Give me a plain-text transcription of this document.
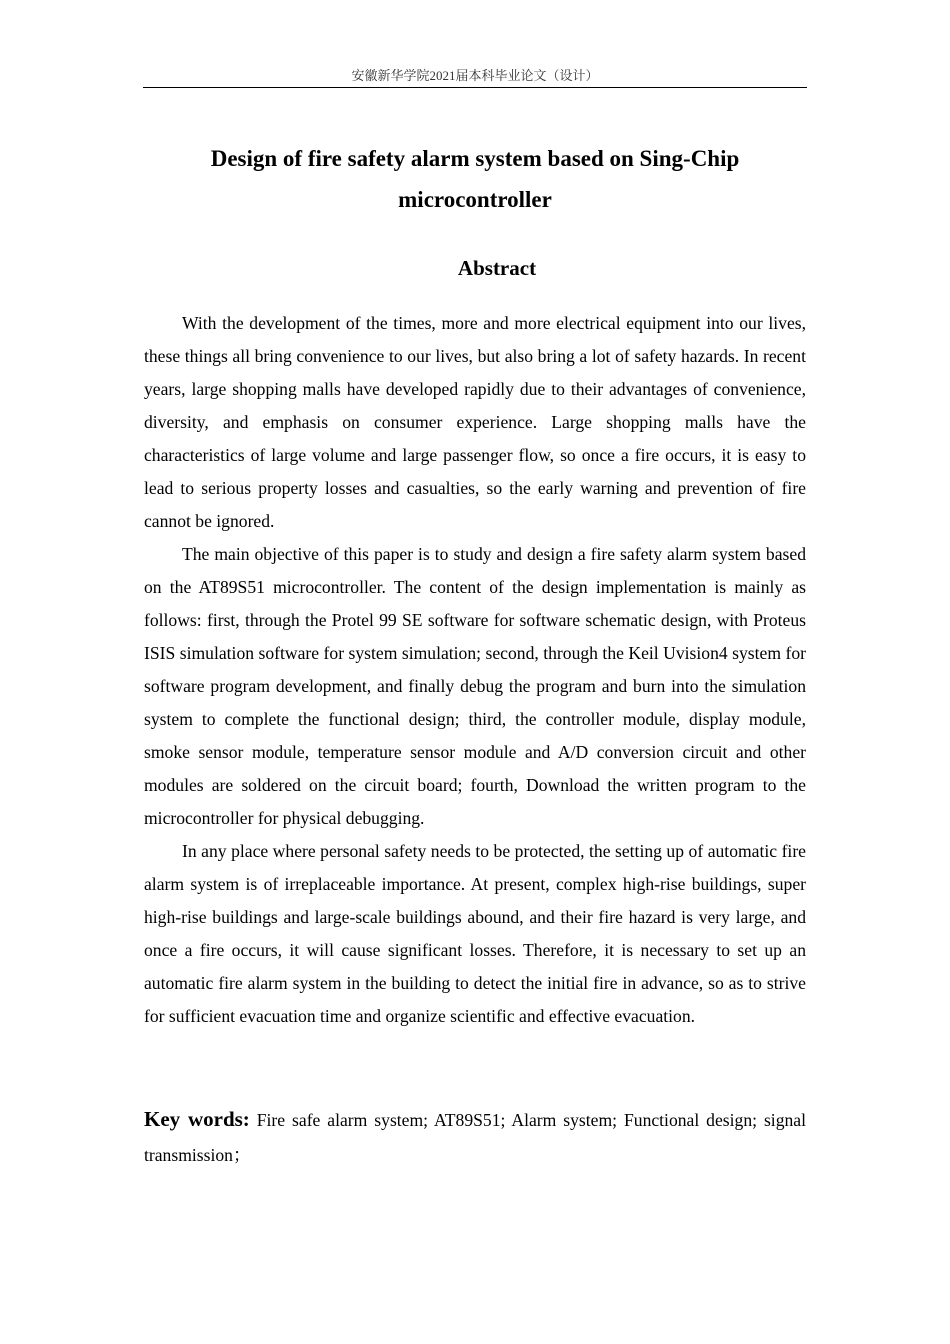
安徽新华学院2021届本科毕业论文（设计）
Design of fire safety alarm system based on Sing-Chip
microcontroller
Abstract

With the development of the times, more and more electrical equipment into our lives, these things all bring convenience to our lives, but also bring a lot of safety hazards. In recent years, large shopping malls have developed rapidly due to their advantages of convenience, diversity, and emphasis on consumer experience. Large shopping malls have the characteristics of large volume and large passenger flow, so once a fire occurs, it is easy to lead to serious property losses and casualties, so the early warning and prevention of fire cannot be ignored.

The main objective of this paper is to study and design a fire safety alarm system based on the AT89S51 microcontroller. The content of the design implementation is mainly as follows: first, through the Protel 99 SE software for software schematic design, with Proteus ISIS simulation software for system simulation; second, through the Keil Uvision4 system for software program development, and finally debug the program and burn into the simulation system to complete the functional design; third, the controller module, display module, smoke sensor module, temperature sensor module and A/D conversion circuit and other modules are soldered on the circuit board; fourth, Download the written program to the microcontroller for physical debugging.

In any place where personal safety needs to be protected, the setting up of automatic fire alarm system is of irreplaceable importance. At present, complex high-rise buildings, super high-rise buildings and large-scale buildings abound, and their fire hazard is very large, and once a fire occurs, it will cause significant losses. Therefore, it is necessary to set up an automatic fire alarm system in the building to detect the initial fire in advance, so as to strive for sufficient evacuation time and organize scientific and effective evacuation.

Key words: Fire safe alarm system; AT89S51; Alarm system; Functional design; signal transmission；
